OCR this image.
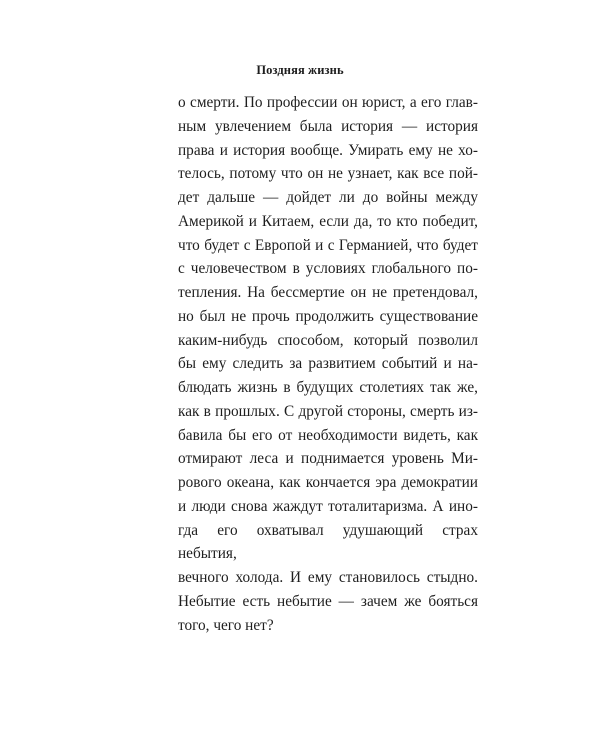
Поздняя жизнь
о смерти. По профессии он юрист, а его глав-
ным увлечением была история — история
права и история вообще. Умирать ему не хо-
телось, потому что он не узнает, как все пой-
дет дальше — дойдет ли до войны между
Америкой и Китаем, если да, то кто победит,
что будет с Европой и с Германией, что будет
с человечеством в условиях глобального по-
тепления. На бессмертие он не претендовал,
но был не прочь продолжить существование
каким-нибудь способом, который позволил
бы ему следить за развитием событий и на-
блюдать жизнь в будущих столетиях так же,
как в прошлых. С другой стороны, смерть из-
бавила бы его от необходимости видеть, как
отмирают леса и поднимается уровень Ми-
рового океана, как кончается эра демократии
и люди снова жаждут тоталитаризма. А ино-
гда его охватывал удушающий страх небытия,
вечного холода. И ему становилось стыдно.
Небытие есть небытие — зачем же бояться
того, чего нет?
